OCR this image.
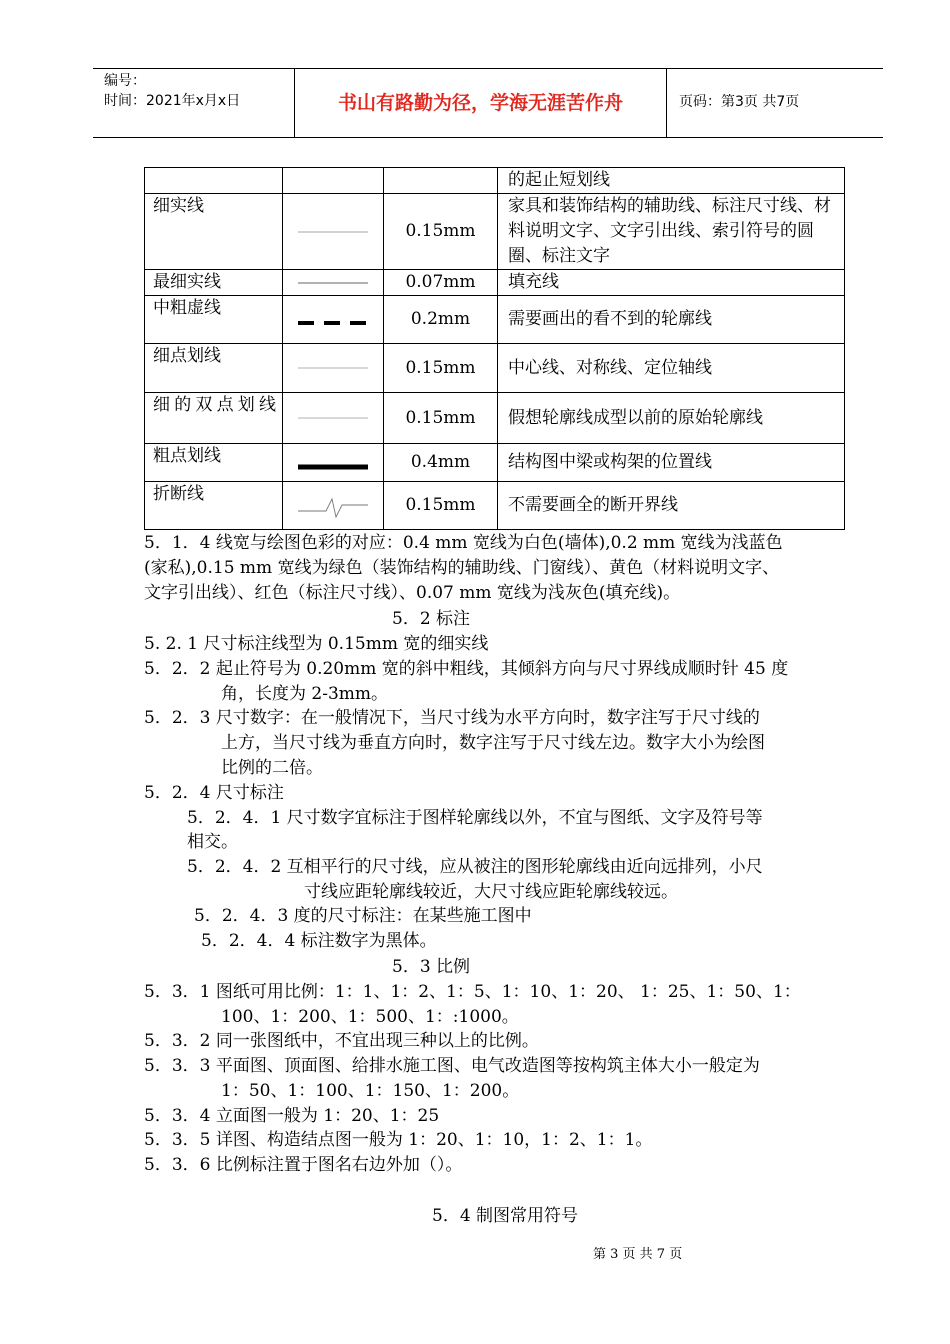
编号：
时间：2021年x月x日	书山有路勤为径，学海无涯苦作舟	页码：第3页 共7页
			的起止短划线
细实线		0.15mm	家具和装饰结构的辅助线、标注尺寸线、材料说明文字、文字引出线、索引符号的圆圈、标注文字
最细实线		0.07mm	填充线
中粗虚线		0.2mm	需要画出的看不到的轮廓线
细点划线		0.15mm	中心线、对称线、定位轴线
细的双点划线		0.15mm	假想轮廓线成型以前的原始轮廓线
粗点划线		0.4mm	结构图中梁或构架的位置线
折断线		0.15mm	不需要画全的断开界线
5．1．4 线宽与绘图色彩的对应：0.4 mm 宽线为白色(墙体),0.2 mm 宽线为浅蓝色
(家私),0.15 mm 宽线为绿色（装饰结构的辅助线、门窗线）、黄色（材料说明文字、
文字引出线）、红色（标注尺寸线）、0.07 mm 宽线为浅灰色(填充线)。
5．2 标注
5. 2. 1 尺寸标注线型为 0.15mm 宽的细实线
5．2．2 起止符号为 0.20mm 宽的斜中粗线，其倾斜方向与尺寸界线成顺时针 45 度
角，长度为 2-3mm。
5．2．3 尺寸数字：在一般情况下，当尺寸线为水平方向时，数字注写于尺寸线的
上方，当尺寸线为垂直方向时，数字注写于尺寸线左边。数字大小为绘图
比例的二倍。
5．2．4 尺寸标注
5．2．4．1 尺寸数字宜标注于图样轮廓线以外，不宜与图纸、文字及符号等
相交。
5．2．4．2 互相平行的尺寸线，应从被注的图形轮廓线由近向远排列，小尺
寸线应距轮廓线较近，大尺寸线应距轮廓线较远。
5．2．4．3 度的尺寸标注：在某些施工图中
5．2．4．4 标注数字为黑体。
5．3 比例
5．3．1 图纸可用比例：1：1、1：2、1：5、1：10、1：20、 1：25、1：50、1：
100、1：200、1：500、1：:1000。
5．3．2 同一张图纸中，不宜出现三种以上的比例。
5．3．3 平面图、顶面图、给排水施工图、电气改造图等按构筑主体大小一般定为
1：50、1：100、1：150、1：200。
5．3．4 立面图一般为 1：20、1：25
5．3．5 详图、构造结点图一般为 1：20、1：10，1：2、1：1。
5．3．6 比例标注置于图名右边外加（）。
5．4 制图常用符号
第 3 页 共 7 页
